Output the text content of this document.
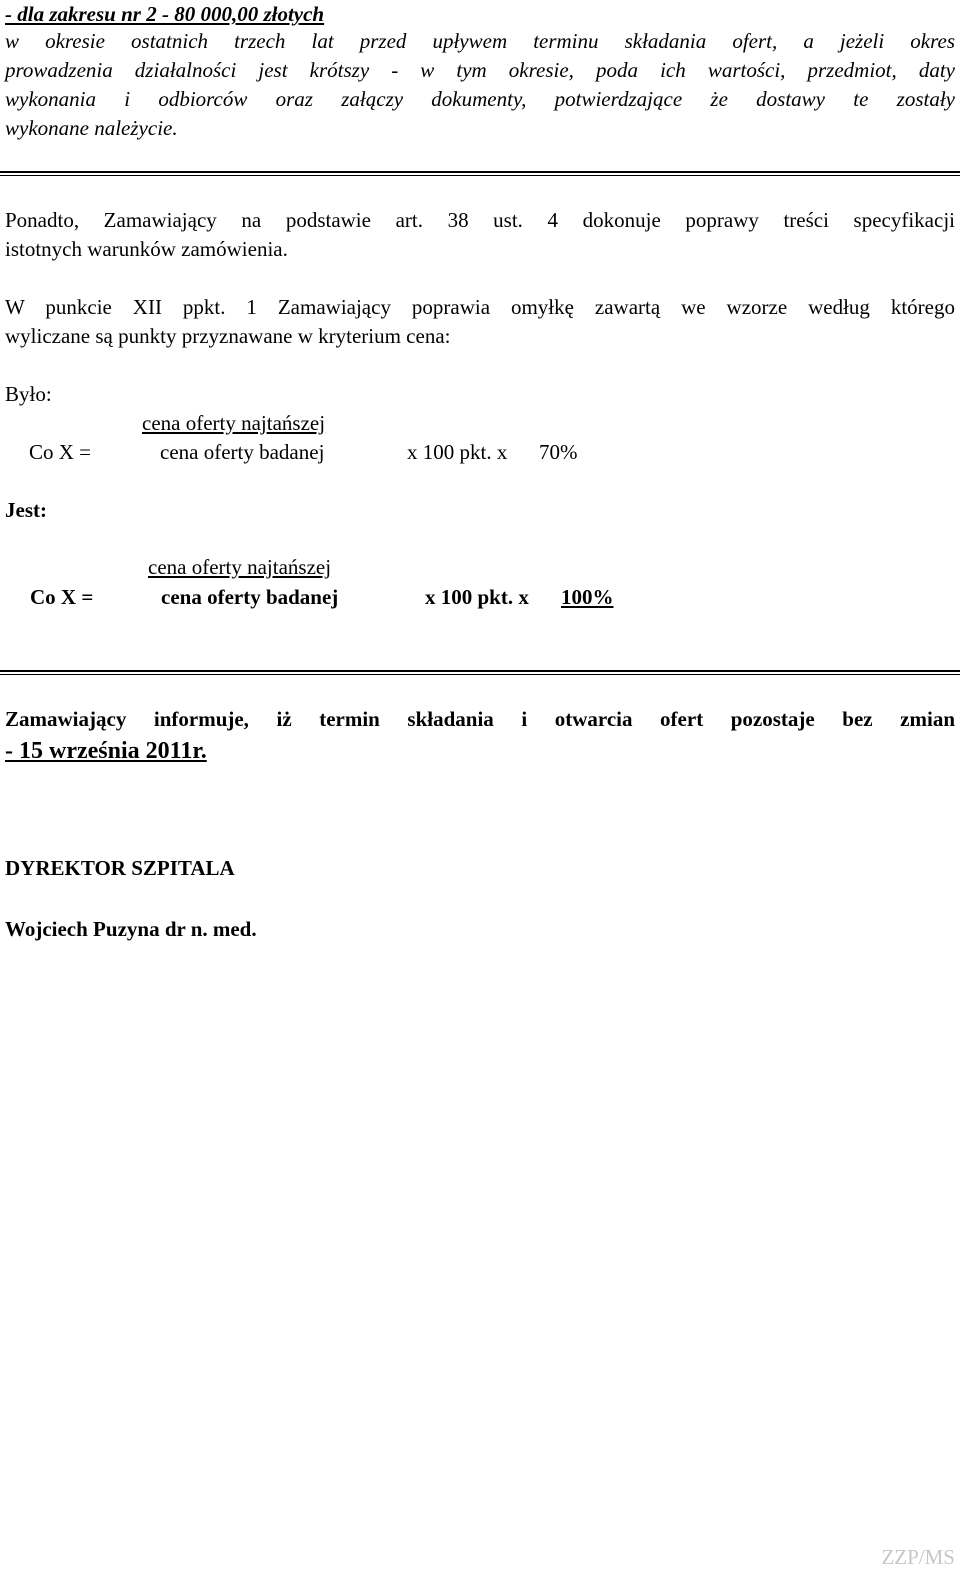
- dla zakresu nr 2 - 80 000,00 złotych
w okresie ostatnich trzech lat przed upływem terminu składania ofert, a jeżeli okres
prowadzenia działalności jest krótszy - w tym okresie, poda ich wartości, przedmiot, daty
wykonania i odbiorców oraz załączy dokumenty, potwierdzające że dostawy te zostały
wykonane należycie.
Ponadto, Zamawiający na podstawie art. 38 ust. 4 dokonuje poprawy treści specyfikacji
istotnych warunków zamówienia.
W punkcie XII ppkt. 1 Zamawiający poprawia omyłkę zawartą we wzorze według którego
wyliczane są punkty przyznawane w kryterium cena:
Było:
cena oferty najtańszej
Co X =	cena oferty badanej	x 100 pkt. x 70%
Jest:
cena oferty najtańszej
Co X =	cena oferty badanej	x 100 pkt. x 100%
Zamawiający informuje, iż termin składania i otwarcia ofert pozostaje bez zmian
- 15 września 2011r.
DYREKTOR SZPITALA
Wojciech Puzyna dr n. med.
ZZP/MS
